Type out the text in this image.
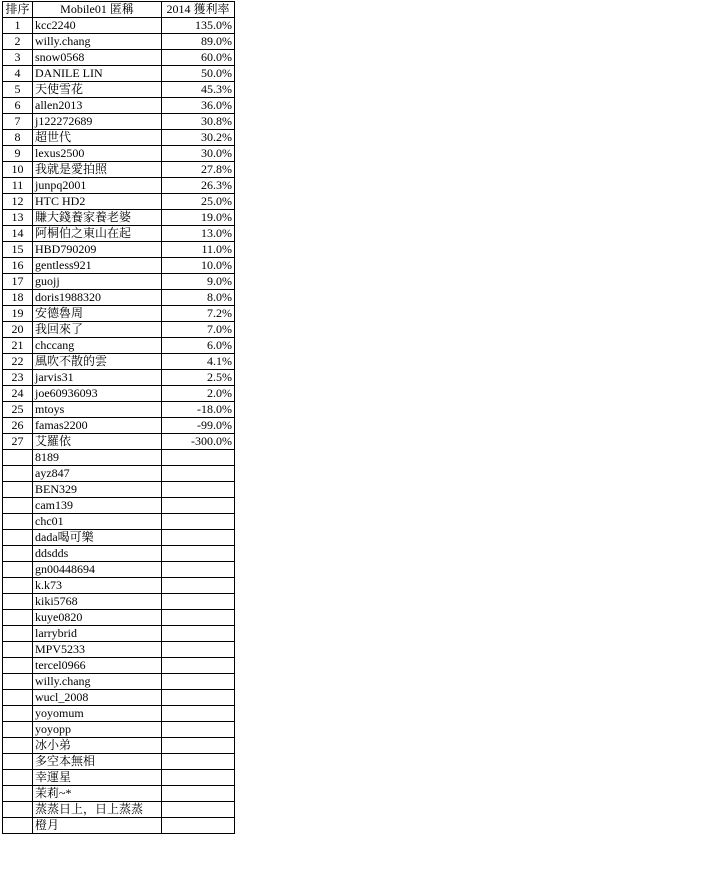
排序	Mobile01 匿稱	2014 獲利率
1	kcc2240	135.0%
2	willy.chang	89.0%
3	snow0568	60.0%
4	DANILE LIN	50.0%
5	天使雪花	45.3%
6	allen2013	36.0%
7	j122272689	30.8%
8	超世代	30.2%
9	lexus2500	30.0%
10	我就是愛拍照	27.8%
11	junpq2001	26.3%
12	HTC HD2	25.0%
13	賺大錢養家養老婆	19.0%
14	阿桐伯之東山在起	13.0%
15	HBD790209	11.0%
16	gentless921	10.0%
17	guojj	9.0%
18	doris1988320	8.0%
19	安德魯周	7.2%
20	我回來了	7.0%
21	chccang	6.0%
22	風吹不散的雲	4.1%
23	jarvis31	2.5%
24	joe60936093	2.0%
25	mtoys	-18.0%
26	famas2200	-99.0%
27	艾羅依	-300.0%
	8189	
	ayz847	
	BEN329	
	cam139	
	chc01	
	dada喝可樂	
	ddsdds	
	gn00448694	
	k.k73	
	kiki5768	
	kuye0820	
	larrybrid	
	MPV5233	
	tercel0966	
	willy.chang	
	wucl_2008	
	yoyomum	
	yoyopp	
	冰小弟	
	多空本無相	
	幸運星	
	茉莉~*	
	蒸蒸日上，日上蒸蒸	
	橙月	
